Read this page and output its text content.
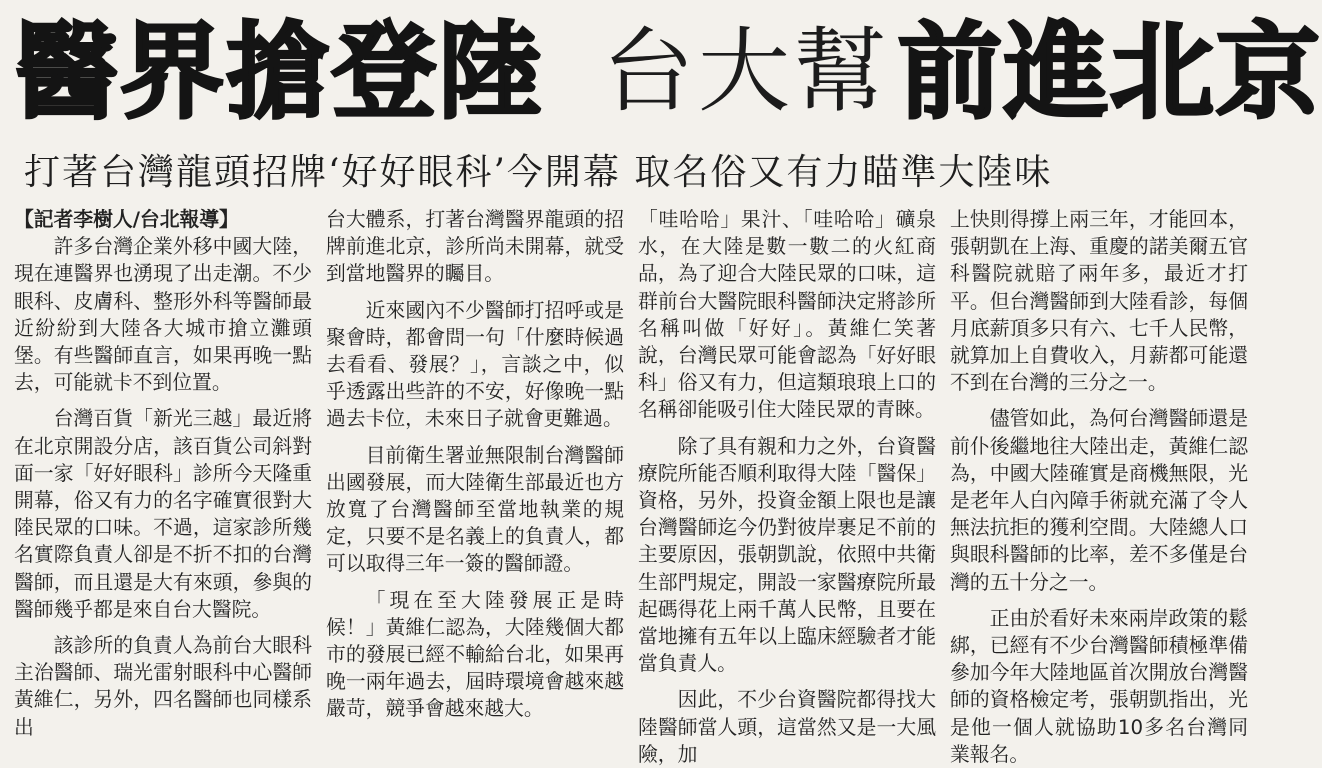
醫界搶登陸 台大幫 前進北京
打著台灣龍頭招牌‘好好眼科’今開幕 取名俗又有力瞄準大陸味

【記者李樹人/台北報導】

許多台灣企業外移中國大陸，現在連醫界也湧現了出走潮。不少眼科、皮膚科、整形外科等醫師最近紛紛到大陸各大城市搶立灘頭堡。有些醫師直言，如果再晚一點去，可能就卡不到位置。

台灣百貨「新光三越」最近將在北京開設分店，該百貨公司斜對面一家「好好眼科」診所今天隆重開幕，俗又有力的名字確實很對大陸民眾的口味。不過，這家診所幾名實際負責人卻是不折不扣的台灣醫師，而且還是大有來頭，參與的醫師幾乎都是來自台大醫院。

該診所的負責人為前台大眼科主治醫師、瑞光雷射眼科中心醫師黃維仁，另外，四名醫師也同樣系出

台大體系，打著台灣醫界龍頭的招牌前進北京，診所尚未開幕，就受到當地醫界的矚目。

近來國內不少醫師打招呼或是聚會時，都會問一句「什麼時候過去看看、發展？」，言談之中，似乎透露出些許的不安，好像晚一點過去卡位，未來日子就會更難過。

目前衛生署並無限制台灣醫師出國發展，而大陸衛生部最近也方放寬了台灣醫師至當地執業的規定，只要不是名義上的負責人，都可以取得三年一簽的醫師證。

「現在至大陸發展正是時候！」黃維仁認為，大陸幾個大都市的發展已經不輸給台北，如果再晚一兩年過去，屆時環境會越來越嚴苛，競爭會越來越大。

「哇哈哈」果汁、「哇哈哈」礦泉水，在大陸是數一數二的火紅商品，為了迎合大陸民眾的口味，這群前台大醫院眼科醫師決定將診所名稱叫做「好好」。黃維仁笑著說，台灣民眾可能會認為「好好眼科」俗又有力，但這類琅琅上口的名稱卻能吸引住大陸民眾的青睞。

除了具有親和力之外，台資醫療院所能否順利取得大陸「醫保」資格，另外，投資金額上限也是讓台灣醫師迄今仍對彼岸裹足不前的主要原因，張朝凱說，依照中共衛生部門規定，開設一家醫療院所最起碼得花上兩千萬人民幣，且要在當地擁有五年以上臨床經驗者才能當負責人。

因此，不少台資醫院都得找大陸醫師當人頭，這當然又是一大風險，加

上快則得撐上兩三年，才能回本，張朝凱在上海、重慶的諾美爾五官科醫院就賠了兩年多，最近才打平。但台灣醫師到大陸看診，每個月底薪頂多只有六、七千人民幣，就算加上自費收入，月薪都可能還不到在台灣的三分之一。

儘管如此，為何台灣醫師還是前仆後繼地往大陸出走，黃維仁認為，中國大陸確實是商機無限，光是老年人白內障手術就充滿了令人無法抗拒的獲利空間。大陸總人口與眼科醫師的比率，差不多僅是台灣的五十分之一。

正由於看好未來兩岸政策的鬆綁，已經有不少台灣醫師積極準備參加今年大陸地區首次開放台灣醫師的資格檢定考，張朝凱指出，光是他一個人就協助10多名台灣同業報名。
